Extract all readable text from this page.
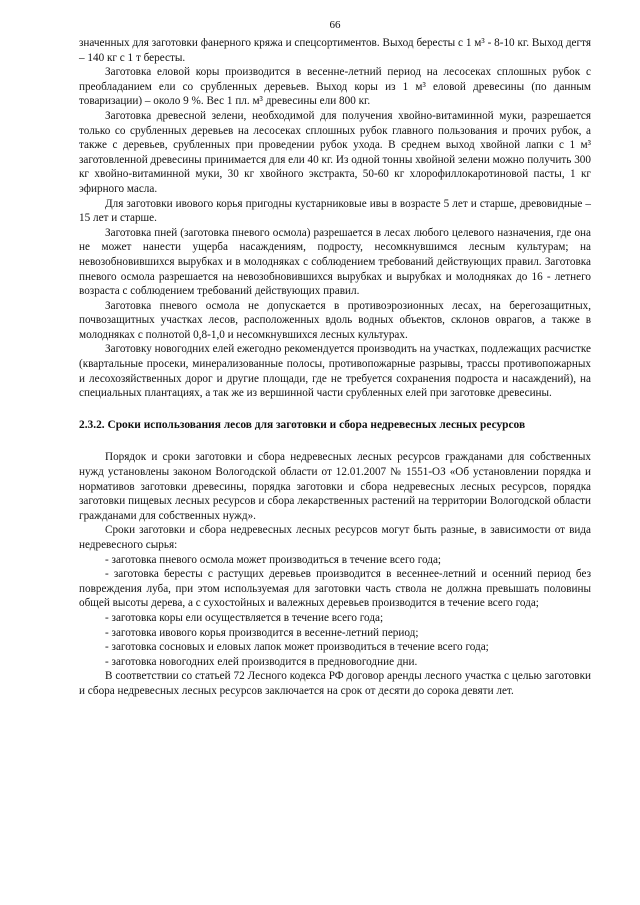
66

значенных для заготовки фанерного кряжа и спецсортиментов. Выход бересты с 1 м³ - 8-10 кг. Выход дегтя – 140 кг с 1 т бересты.

Заготовка еловой коры производится в весенне-летний период на лесосеках сплошных рубок с преобладанием ели со срубленных деревьев. Выход коры из 1 м³ еловой древесины (по данным товаризации) – около 9 %. Вес 1 пл. м³ древесины ели 800 кг.

Заготовка древесной зелени, необходимой для получения хвойно-витаминной муки, разрешается только со срубленных деревьев на лесосеках сплошных рубок главного пользования и прочих рубок, а также с деревьев, срубленных при проведении рубок ухода. В среднем выход хвойной лапки с 1 м³ заготовленной древесины принимается для ели 40 кг. Из одной тонны хвойной зелени можно получить 300 кг хвойно-витаминной муки, 30 кг хвойного экстракта, 50-60 кг хлорофиллокаротиновой пасты, 1 кг эфирного масла.

Для заготовки ивового корья пригодны кустарниковые ивы в возрасте 5 лет и старше, древовидные – 15 лет и старше.

Заготовка пней (заготовка пневого осмола) разрешается в лесах любого целевого назначения, где она не может нанести ущерба насаждениям, подросту, несомкнувшимся лесным культурам; на невозобновившихся вырубках и в молодняках с соблюдением требований действующих правил. Заготовка пневого осмола разрешается на невозобновившихся вырубках и вырубках и молодняках до 16 - летнего возраста с соблюдением требований действующих правил.

Заготовка пневого осмола не допускается в противоэрозионных лесах, на берегозащитных, почвозащитных участках лесов, расположенных вдоль водных объектов, склонов оврагов, а также в молодняках с полнотой 0,8-1,0 и несомкнувшихся лесных культурах.

Заготовку новогодних елей ежегодно рекомендуется производить на участках, подлежащих расчистке (квартальные просеки, минерализованные полосы, противопожарные разрывы, трассы противопожарных и лесохозяйственных дорог и другие площади, где не требуется сохранения подроста и насаждений), на специальных плантациях, а так же из вершинной части срубленных елей при заготовке древесины.

2.3.2. Сроки использования лесов для заготовки и сбора недревесных лесных ресурсов

Порядок и сроки заготовки и сбора недревесных лесных ресурсов гражданами для собственных нужд установлены законом Вологодской области от 12.01.2007 № 1551-ОЗ «Об установлении порядка и нормативов заготовки древесины, порядка заготовки и сбора недревесных лесных ресурсов, порядка заготовки пищевых лесных ресурсов и сбора лекарственных растений на территории Вологодской области гражданами для собственных нужд».

Сроки заготовки и сбора недревесных лесных ресурсов могут быть разные, в зависимости от вида недревесного сырья:

- заготовка пневого осмола может производиться в течение всего года;

- заготовка бересты с растущих деревьев производится в весеннее-летний и осенний период без повреждения луба, при этом используемая для заготовки часть ствола не должна превышать половины общей высоты дерева, а с сухостойных и валежных деревьев производится в течение всего года;

- заготовка коры ели осуществляется в течение всего года;

- заготовка ивового корья производится в весенне-летний период;

- заготовка сосновых и еловых лапок может производиться в течение всего года;

- заготовка новогодних елей производится в предновогодние дни.

В соответствии со статьей 72 Лесного кодекса РФ договор аренды лесного участка с целью заготовки и сбора недревесных лесных ресурсов заключается на срок от десяти до сорока девяти лет.
